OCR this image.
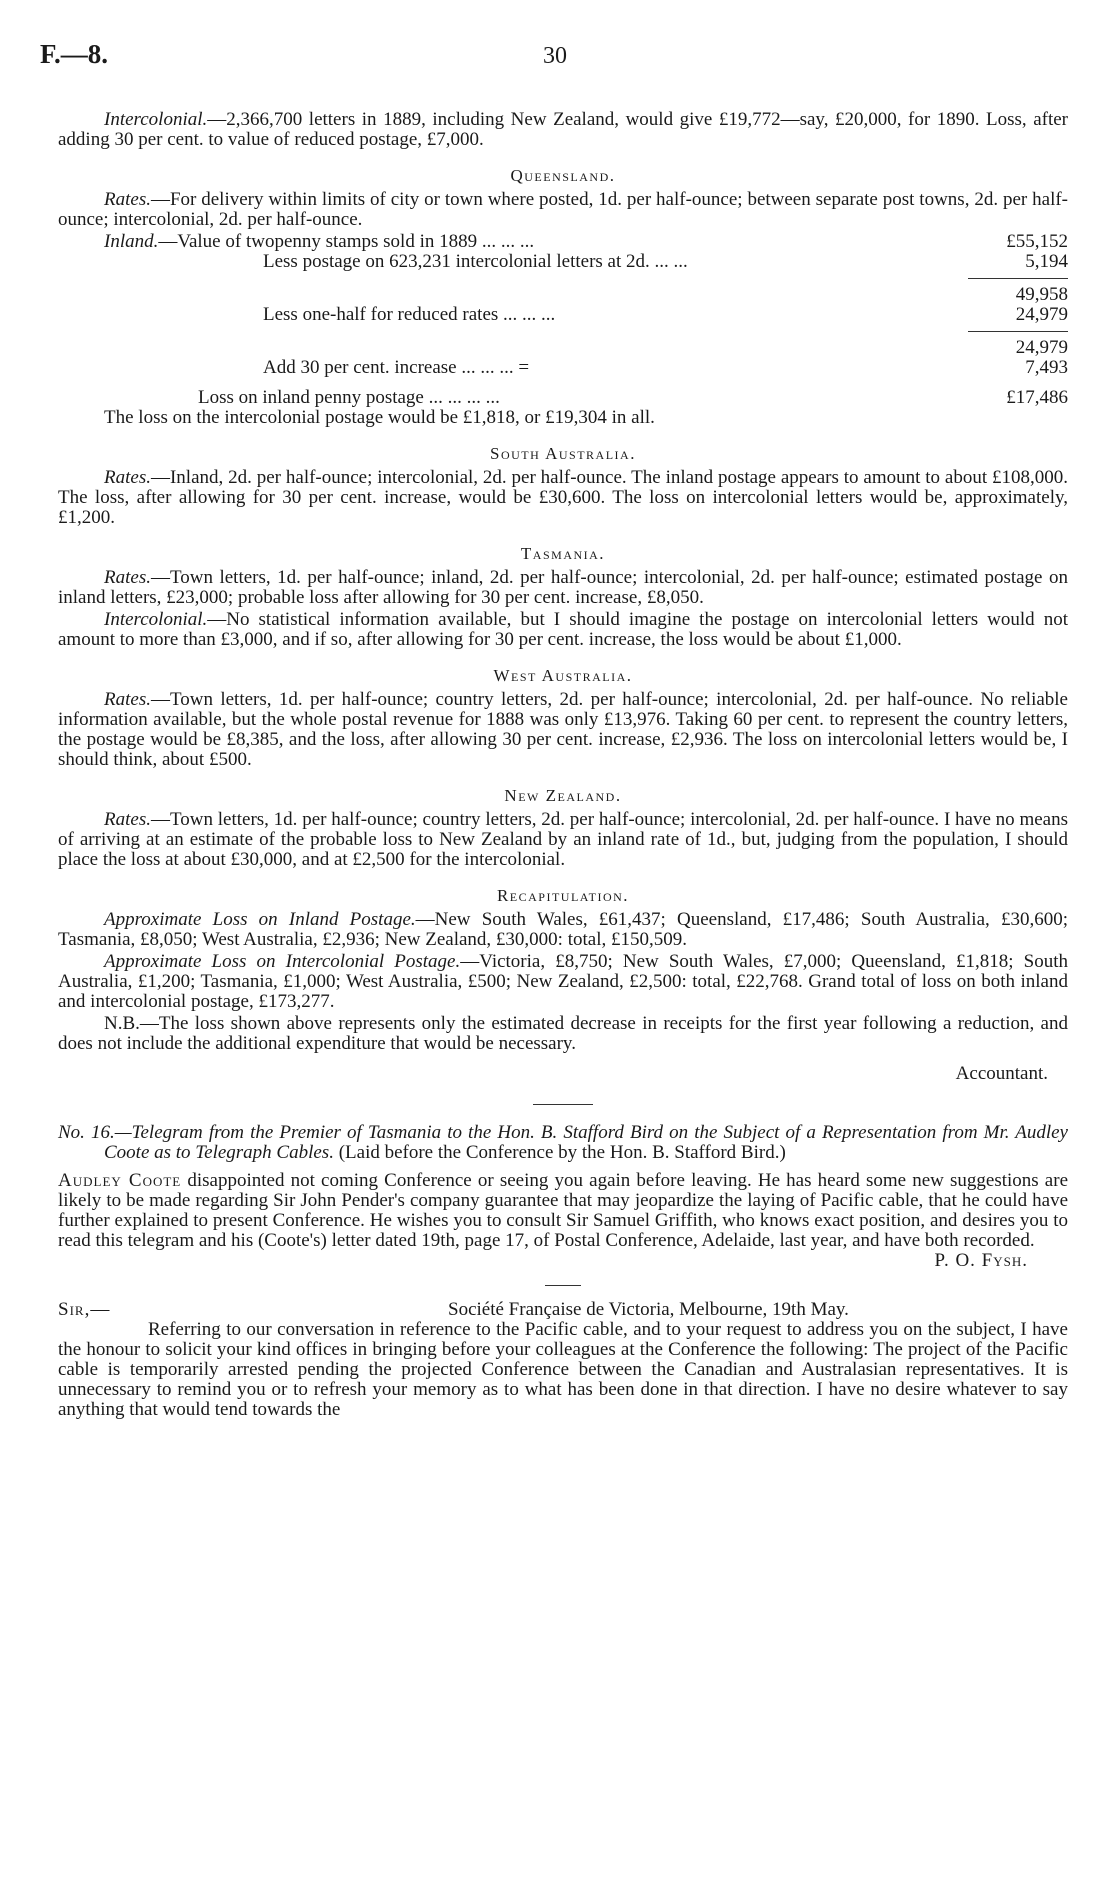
F.—8.	30

Intercolonial.—2,366,700 letters in 1889, including New Zealand, would give £19,772—say, £20,000, for 1890. Loss, after adding 30 per cent. to value of reduced postage, £7,000.

Queensland.

Rates.—For delivery within limits of city or town where posted, 1d. per half-ounce; between separate post towns, 2d. per half-ounce; intercolonial, 2d. per half-ounce.

Inland.—Value of twopenny stamps sold in 1889 ... ... ...	£55,152
Less postage on 623,231 intercolonial letters at 2d. ... ...	5,194
49,958
Less one-half for reduced rates ... ... ...	24,979
24,979
Add 30 per cent. increase ... ... ... =	7,493
Loss on inland penny postage ... ... ... ...	£17,486

The loss on the intercolonial postage would be £1,818, or £19,304 in all.

South Australia.

Rates.—Inland, 2d. per half-ounce; intercolonial, 2d. per half-ounce. The inland postage appears to amount to about £108,000. The loss, after allowing for 30 per cent. increase, would be £30,600. The loss on intercolonial letters would be, approximately, £1,200.

Tasmania.

Rates.—Town letters, 1d. per half-ounce; inland, 2d. per half-ounce; intercolonial, 2d. per half-ounce; estimated postage on inland letters, £23,000; probable loss after allowing for 30 per cent. increase, £8,050.

Intercolonial.—No statistical information available, but I should imagine the postage on intercolonial letters would not amount to more than £3,000, and if so, after allowing for 30 per cent. increase, the loss would be about £1,000.

West Australia.

Rates.—Town letters, 1d. per half-ounce; country letters, 2d. per half-ounce; intercolonial, 2d. per half-ounce. No reliable information available, but the whole postal revenue for 1888 was only £13,976. Taking 60 per cent. to represent the country letters, the postage would be £8,385, and the loss, after allowing 30 per cent. increase, £2,936. The loss on intercolonial letters would be, I should think, about £500.

New Zealand.

Rates.—Town letters, 1d. per half-ounce; country letters, 2d. per half-ounce; intercolonial, 2d. per half-ounce. I have no means of arriving at an estimate of the probable loss to New Zealand by an inland rate of 1d., but, judging from the population, I should place the loss at about £30,000, and at £2,500 for the intercolonial.

Recapitulation.

Approximate Loss on Inland Postage.—New South Wales, £61,437; Queensland, £17,486; South Australia, £30,600; Tasmania, £8,050; West Australia, £2,936; New Zealand, £30,000: total, £150,509.

Approximate Loss on Intercolonial Postage.—Victoria, £8,750; New South Wales, £7,000; Queensland, £1,818; South Australia, £1,200; Tasmania, £1,000; West Australia, £500; New Zealand, £2,500: total, £22,768. Grand total of loss on both inland and intercolonial postage, £173,277.

N.B.—The loss shown above represents only the estimated decrease in receipts for the first year following a reduction, and does not include the additional expenditure that would be necessary.

Accountant.

No. 16.—Telegram from the Premier of Tasmania to the Hon. B. Stafford Bird on the Subject of a Representation from Mr. Audley Coote as to Telegraph Cables. (Laid before the Conference by the Hon. B. Stafford Bird.)

Audley Coote disappointed not coming Conference or seeing you again before leaving. He has heard some new suggestions are likely to be made regarding Sir John Pender's company guarantee that may jeopardize the laying of Pacific cable, that he could have further explained to present Conference. He wishes you to consult Sir Samuel Griffith, who knows exact position, and desires you to read this telegram and his (Coote's) letter dated 19th, page 17, of Postal Conference, Adelaide, last year, and have both recorded.

P. O. Fysh.
Sir,—	Société Française de Victoria, Melbourne, 19th May.

Referring to our conversation in reference to the Pacific cable, and to your request to address you on the subject, I have the honour to solicit your kind offices in bringing before your colleagues at the Conference the following: The project of the Pacific cable is temporarily arrested pending the projected Conference between the Canadian and Australasian representatives. It is unnecessary to remind you or to refresh your memory as to what has been done in that direction. I have no desire whatever to say anything that would tend towards the
